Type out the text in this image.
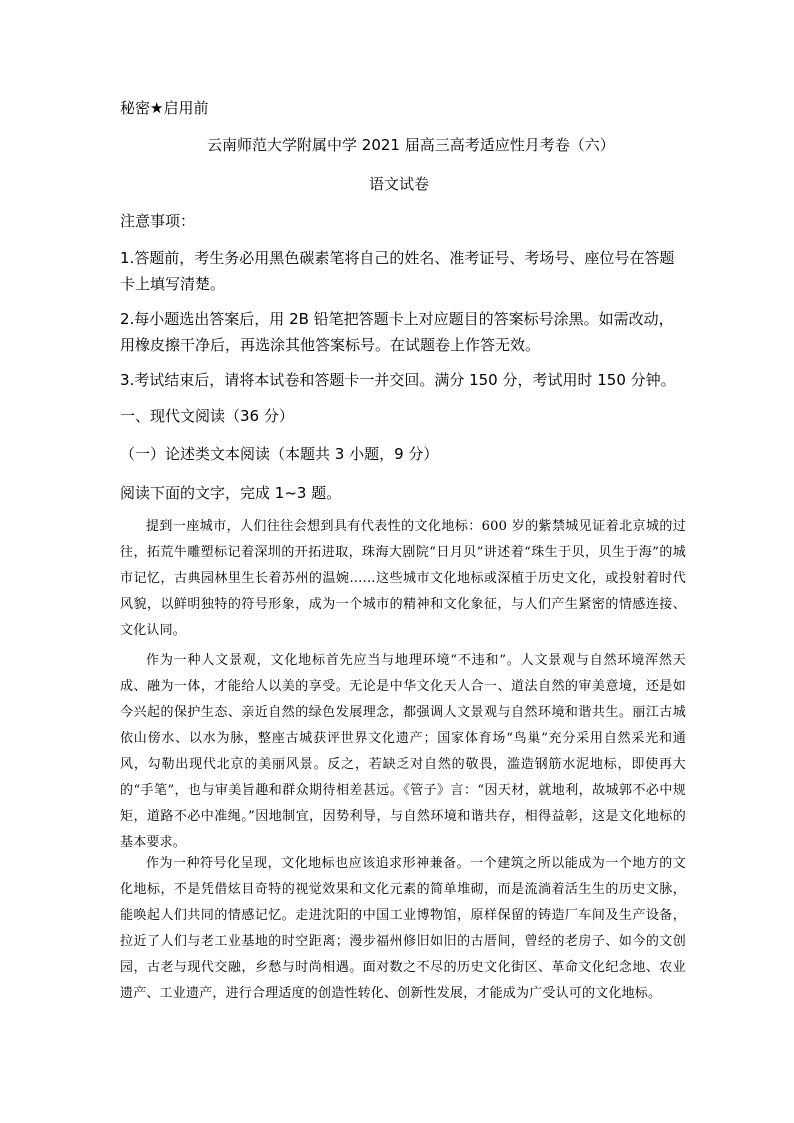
秘密★启用前
云南师范大学附属中学 2021 届高三高考适应性月考卷（六）
语文试卷
注意事项：
1.答题前，考生务必用黑色碳素笔将自己的姓名、准考证号、考场号、座位号在答题卡上填写清楚。
2.每小题选出答案后，用 2B 铅笔把答题卡上对应题目的答案标号涂黑。如需改动，用橡皮擦干净后，再选涂其他答案标号。在试题卷上作答无效。
3.考试结束后，请将本试卷和答题卡一并交回。满分 150 分，考试用时 150 分钟。
一、现代文阅读（36 分）
（一）论述类文本阅读（本题共 3 小题，9 分）
阅读下面的文字，完成 1~3 题。
提到一座城市，人们往往会想到具有代表性的文化地标：600 岁的紫禁城见证着北京城的过往，拓荒牛雕塑标记着深圳的开拓进取，珠海大剧院“日月贝”讲述着“珠生于贝，贝生于海”的城市记忆，古典园林里生长着苏州的温婉……这些城市文化地标或深植于历史文化，或投射着时代风貌，以鲜明独特的符号形象，成为一个城市的精神和文化象征，与人们产生紧密的情感连接、文化认同。
作为一种人文景观，文化地标首先应当与地理环境“不违和”。人文景观与自然环境浑然天成、融为一体，才能给人以美的享受。无论是中华文化天人合一、道法自然的审美意境，还是如今兴起的保护生态、亲近自然的绿色发展理念，都强调人文景观与自然环境和谐共生。丽江古城依山傍水、以水为脉，整座古城获评世界文化遗产；国家体育场“鸟巢”充分采用自然采光和通风，勾勒出现代北京的美丽风景。反之，若缺乏对自然的敬畏，滥造钢筋水泥地标，即使再大的“手笔”，也与审美旨趣和群众期待相差甚远。《管子》言：“因天材，就地利，故城郭不必中规矩，道路不必中准绳。”因地制宜，因势利导，与自然环境和谐共存，相得益彰，这是文化地标的基本要求。
作为一种符号化呈现，文化地标也应该追求形神兼备。一个建筑之所以能成为一个地方的文化地标，不是凭借炫目奇特的视觉效果和文化元素的简单堆砌，而是流淌着活生生的历史文脉，能唤起人们共同的情感记忆。走进沈阳的中国工业博物馆，原样保留的铸造厂车间及生产设备，拉近了人们与老工业基地的时空距离；漫步福州修旧如旧的古厝间，曾经的老房子、如今的文创园，古老与现代交融，乡愁与时尚相遇。面对数之不尽的历史文化街区、革命文化纪念地、农业遗产、工业遗产，进行合理适度的创造性转化、创新性发展，才能成为广受认可的文化地标。
